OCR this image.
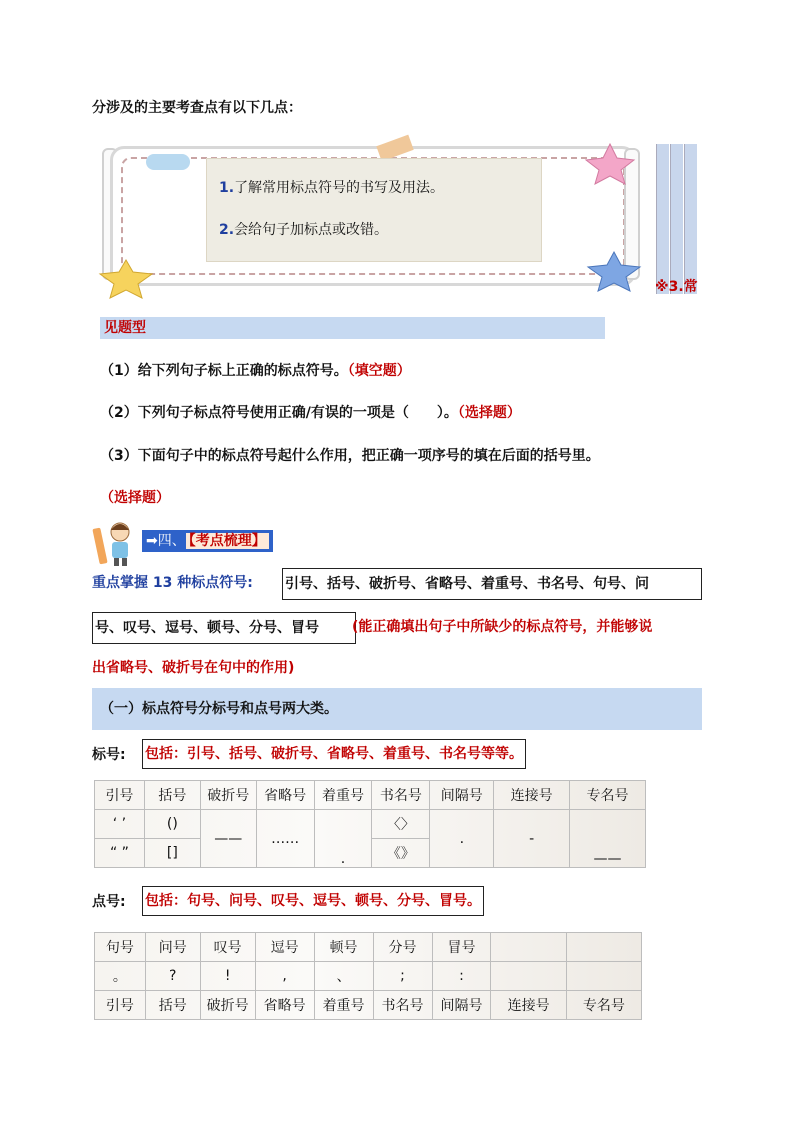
分涉及的主要考查点有以下几点：
1.了解常用标点符号的书写及用法。
2.会给句子加标点或改错。
※3.常
见题型
（1）给下列句子标上正确的标点符号。（填空题）
（2）下列句子标点符号使用正确/有误的一项是（　　）。（选择题）
（3）下面句子中的标点符号起什么作用，把正确一项序号的填在后面的括号里。
（选择题）
➡四、 【考点梳理】
重点掌握 13 种标点符号: 引号、括号、破折号、省略号、着重号、书名号、句号、问
号、叹号、逗号、顿号、分号、冒号	(能正确填出句子中所缺少的标点符号，并能够说
出省略号、破折号在句中的作用)
（一）标点符号分标号和点号两大类。
标号: 包括：引号、括号、破折号、省略号、着重号、书名号等等。
引号	括号	破折号	省略号	着重号	书名号	间隔号	连接号	专名号
‘ ’	()	——	……	.	〈〉	.	-	——
“ ”	[]				《》			
点号: 包括：句号、问号、叹号、逗号、顿号、分号、冒号。
句号	问号	叹号	逗号	顿号	分号	冒号		
。	?	!	,	、	;	:		
引号	括号	破折号	省略号	着重号	书名号	间隔号	连接号	专名号
